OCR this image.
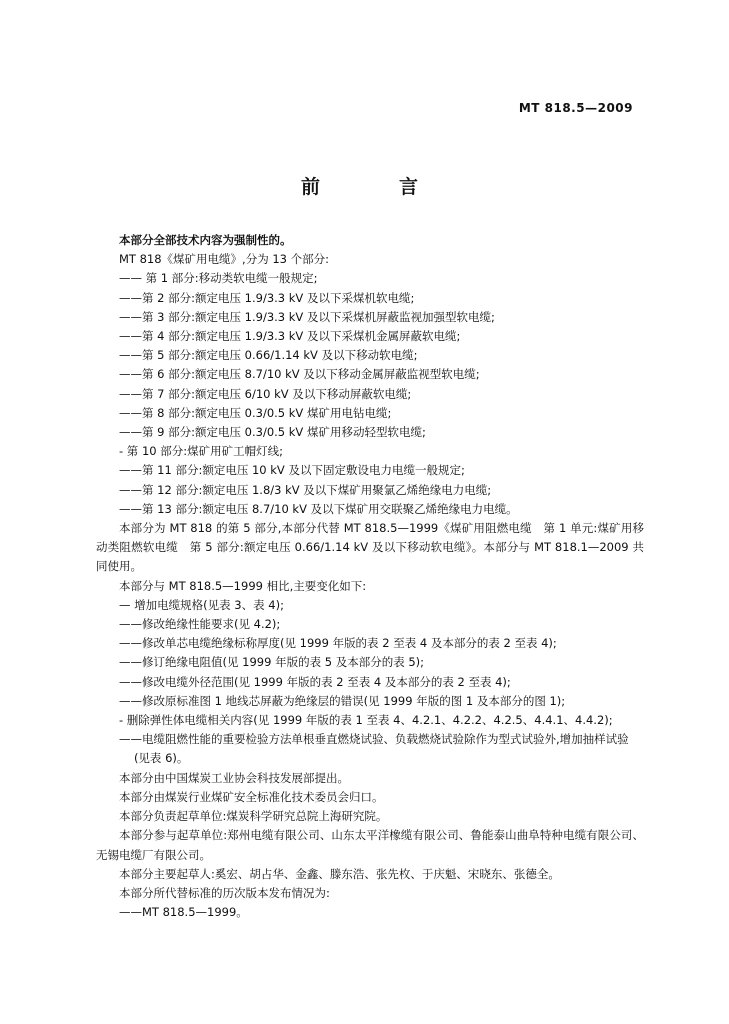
MT 818.5—2009
前　言

本部分全部技术内容为强制性的。

MT 818《煤矿用电缆》,分为 13 个部分:

—— 第 1 部分:移动类软电缆一般规定;

——第 2 部分:额定电压 1.9/3.3 kV 及以下采煤机软电缆;

——第 3 部分:额定电压 1.9/3.3 kV 及以下采煤机屏蔽监视加强型软电缆;

——第 4 部分:额定电压 1.9/3.3 kV 及以下采煤机金属屏蔽软电缆;

——第 5 部分:额定电压 0.66/1.14 kV 及以下移动软电缆;

——第 6 部分:额定电压 8.7/10 kV 及以下移动金属屏蔽监视型软电缆;

——第 7 部分:额定电压 6/10 kV 及以下移动屏蔽软电缆;

——第 8 部分:额定电压 0.3/0.5 kV 煤矿用电钻电缆;

——第 9 部分:额定电压 0.3/0.5 kV 煤矿用移动轻型软电缆;

- 第 10 部分:煤矿用矿工帽灯线;

——第 11 部分:额定电压 10 kV 及以下固定敷设电力电缆一般规定;

——第 12 部分:额定电压 1.8/3 kV 及以下煤矿用聚氯乙烯绝缘电力电缆;

——第 13 部分:额定电压 8.7/10 kV 及以下煤矿用交联聚乙烯绝缘电力电缆。

本部分为 MT 818 的第 5 部分,本部分代替 MT 818.5—1999《煤矿用阻燃电缆　第 1 单元:煤矿用移动类阻燃软电缆　第 5 部分:额定电压 0.66/1.14 kV 及以下移动软电缆》。本部分与 MT 818.1—2009 共同使用。

本部分与 MT 818.5—1999 相比,主要变化如下:

— 增加电缆规格(见表 3、表 4);

——修改绝缘性能要求(见 4.2);

——修改单芯电缆绝缘标称厚度(见 1999 年版的表 2 至表 4 及本部分的表 2 至表 4);

——修订绝缘电阻值(见 1999 年版的表 5 及本部分的表 5);

——修改电缆外径范围(见 1999 年版的表 2 至表 4 及本部分的表 2 至表 4);

——修改原标准图 1 地线芯屏蔽为绝缘层的错误(见 1999 年版的图 1 及本部分的图 1);

- 删除弹性体电缆相关内容(见 1999 年版的表 1 至表 4、4.2.1、4.2.2、4.2.5、4.4.1、4.4.2);

——电缆阻燃性能的重要检验方法单根垂直燃烧试验、负载燃烧试验除作为型式试验外,增加抽样试验(见表 6)。

本部分由中国煤炭工业协会科技发展部提出。

本部分由煤炭行业煤矿安全标准化技术委员会归口。

本部分负责起草单位:煤炭科学研究总院上海研究院。

本部分参与起草单位:郑州电缆有限公司、山东太平洋橡缆有限公司、鲁能泰山曲阜特种电缆有限公司、无锡电缆厂有限公司。

本部分主要起草人:奚宏、胡占华、金鑫、滕东浩、张先枚、于庆魁、宋晓东、张德全。

本部分所代替标准的历次版本发布情况为:

——MT 818.5—1999。
